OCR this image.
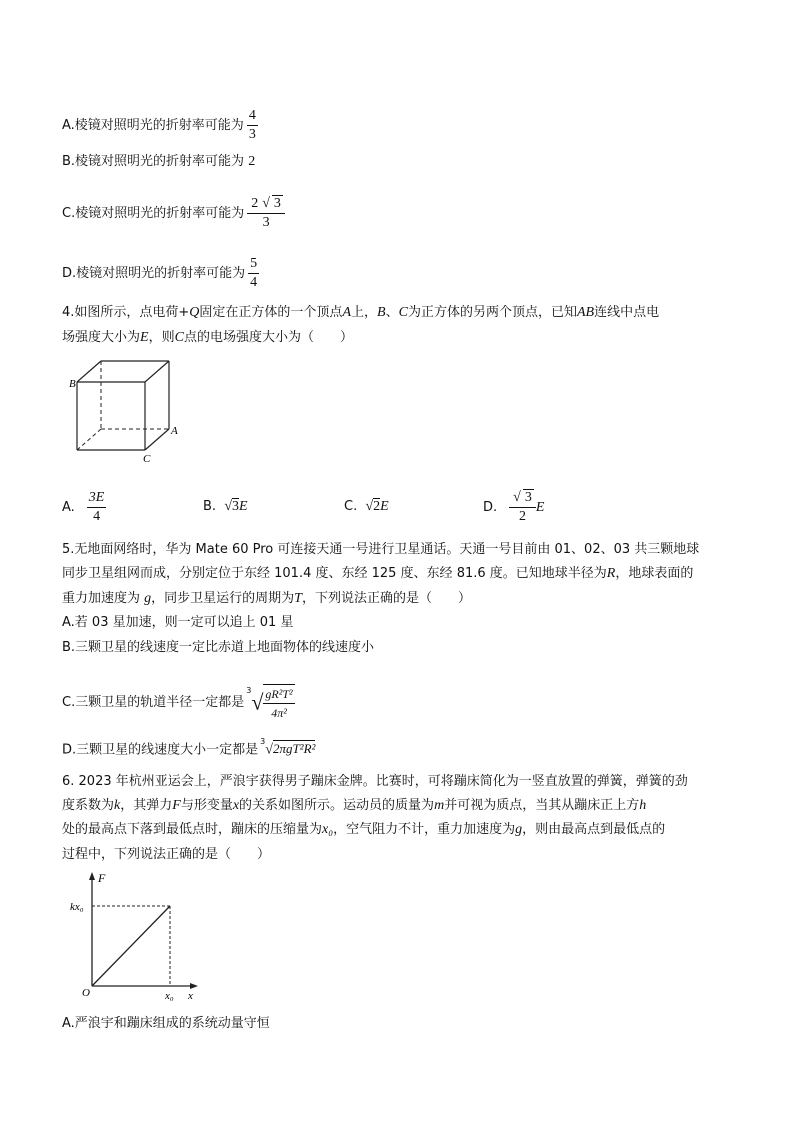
A.棱镜对照明光的折射率可能为 $\frac{4}{3}$
B.棱镜对照明光的折射率可能为 2
C.棱镜对照明光的折射率可能为 $\frac{2 √ 3}{3}$
D.棱镜对照明光的折射率可能为 $\frac{5}{4}$
4.如图所示，点电荷+Q固定在正方体的一个顶点A上，B、C为正方体的另两个顶点，已知AB连线中点电
场强度大小为E，则C点的电场强度大小为（　　）
B
A
C
A. $\frac{3E}{4}$	B. √3E	C. √2E	D. $\frac{√ 3}{2}$ E
5.无地面网络时，华为 Mate 60 Pro 可连接天通一号进行卫星通话。天通一号目前由 01、02、03 共三颗地球
同步卫星组网而成，分别定位于东经 101.4 度、东经 125 度、东经 81.6 度。已知地球半径为R，地球表面的
重力加速度为 g，同步卫星运行的周期为T，下列说法正确的是（　　）
A.若 03 星加速，则一定可以追上 01 星
B.三颗卫星的线速度一定比赤道上地面物体的线速度小
C.三颗卫星的轨道半径一定都是$^3√ \frac{\text{gR²T²}}{\text{4π²}}$
D.三颗卫星的线速度大小一定都是$^3$√2πgT²R²
6. 2023 年杭州亚运会上，严浪宇获得男子蹦床金牌。比赛时，可将蹦床简化为一竖直放置的弹簧，弹簧的劲
度系数为k，其弹力F与形变量x的关系如图所示。运动员的质量为m并可视为质点，当其从蹦床正上方h
处的最高点下落到最低点时，蹦床的压缩量为x₀，空气阻力不计，重力加速度为g，则由最高点到最低点的
过程中，下列说法正确的是（　　）
F
kx₀
O	x₀ x
A.严浪宇和蹦床组成的系统动量守恒
